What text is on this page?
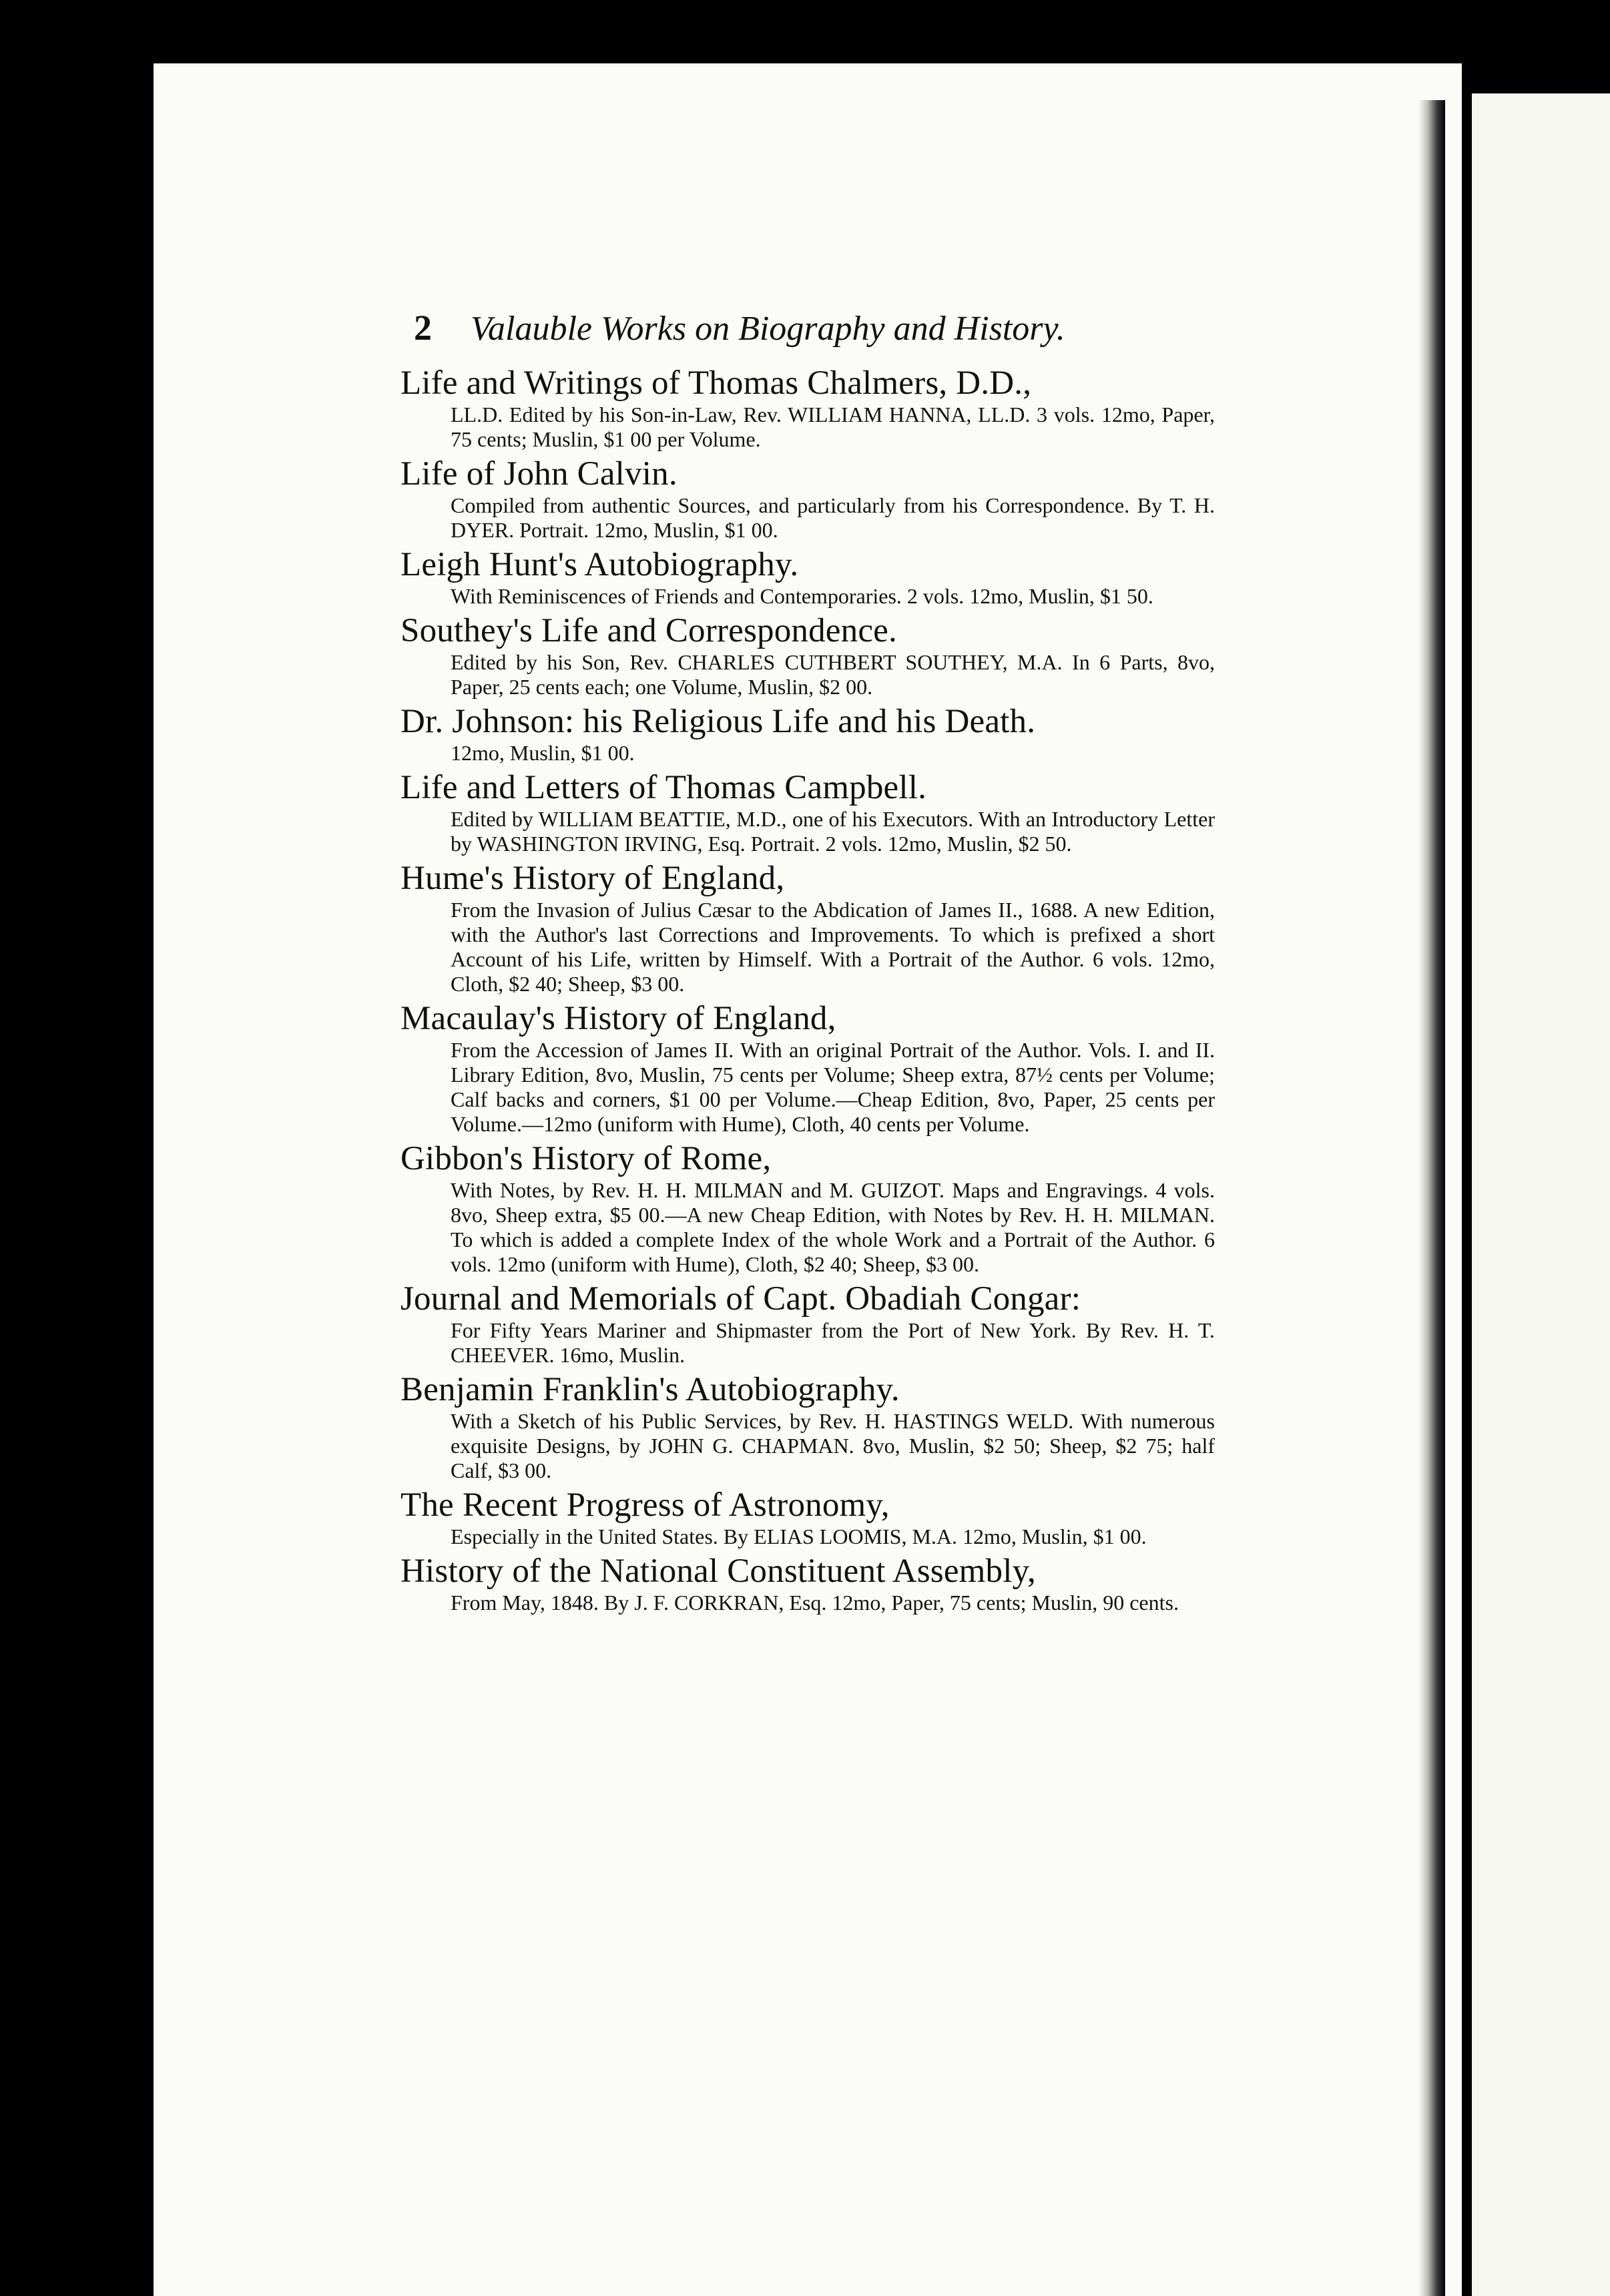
2 Valauble Works on Biography and History.
Life and Writings of Thomas Chalmers, D.D.,
LL.D. Edited by his Son-in-Law, Rev. WILLIAM HANNA, LL.D. 3 vols. 12mo, Paper, 75 cents; Muslin, $1 00 per Volume.
Life of John Calvin.
Compiled from authentic Sources, and particularly from his Correspondence. By T. H. DYER. Portrait. 12mo, Muslin, $1 00.
Leigh Hunt's Autobiography.
With Reminiscences of Friends and Contemporaries. 2 vols. 12mo, Muslin, $1 50.
Southey's Life and Correspondence.
Edited by his Son, Rev. CHARLES CUTHBERT SOUTHEY, M.A. In 6 Parts, 8vo, Paper, 25 cents each; one Volume, Muslin, $2 00.
Dr. Johnson: his Religious Life and his Death.
12mo, Muslin, $1 00.
Life and Letters of Thomas Campbell.
Edited by WILLIAM BEATTIE, M.D., one of his Executors. With an Introductory Letter by WASHINGTON IRVING, Esq. Portrait. 2 vols. 12mo, Muslin, $2 50.
Hume's History of England,
From the Invasion of Julius Cæsar to the Abdication of James II., 1688. A new Edition, with the Author's last Corrections and Improvements. To which is prefixed a short Account of his Life, written by Himself. With a Portrait of the Author. 6 vols. 12mo, Cloth, $2 40; Sheep, $3 00.
Macaulay's History of England,
From the Accession of James II. With an original Portrait of the Author. Vols. I. and II. Library Edition, 8vo, Muslin, 75 cents per Volume; Sheep extra, 87½ cents per Volume; Calf backs and corners, $1 00 per Volume.—Cheap Edition, 8vo, Paper, 25 cents per Volume.—12mo (uniform with Hume), Cloth, 40 cents per Volume.
Gibbon's History of Rome,
With Notes, by Rev. H. H. MILMAN and M. GUIZOT. Maps and Engravings. 4 vols. 8vo, Sheep extra, $5 00.—A new Cheap Edition, with Notes by Rev. H. H. MILMAN. To which is added a complete Index of the whole Work and a Portrait of the Author. 6 vols. 12mo (uniform with Hume), Cloth, $2 40; Sheep, $3 00.
Journal and Memorials of Capt. Obadiah Congar:
For Fifty Years Mariner and Shipmaster from the Port of New York. By Rev. H. T. CHEEVER. 16mo, Muslin.
Benjamin Franklin's Autobiography.
With a Sketch of his Public Services, by Rev. H. HASTINGS WELD. With numerous exquisite Designs, by JOHN G. CHAPMAN. 8vo, Muslin, $2 50; Sheep, $2 75; half Calf, $3 00.
The Recent Progress of Astronomy,
Especially in the United States. By ELIAS LOOMIS, M.A. 12mo, Muslin, $1 00.
History of the National Constituent Assembly,
From May, 1848. By J. F. CORKRAN, Esq. 12mo, Paper, 75 cents; Muslin, 90 cents.
